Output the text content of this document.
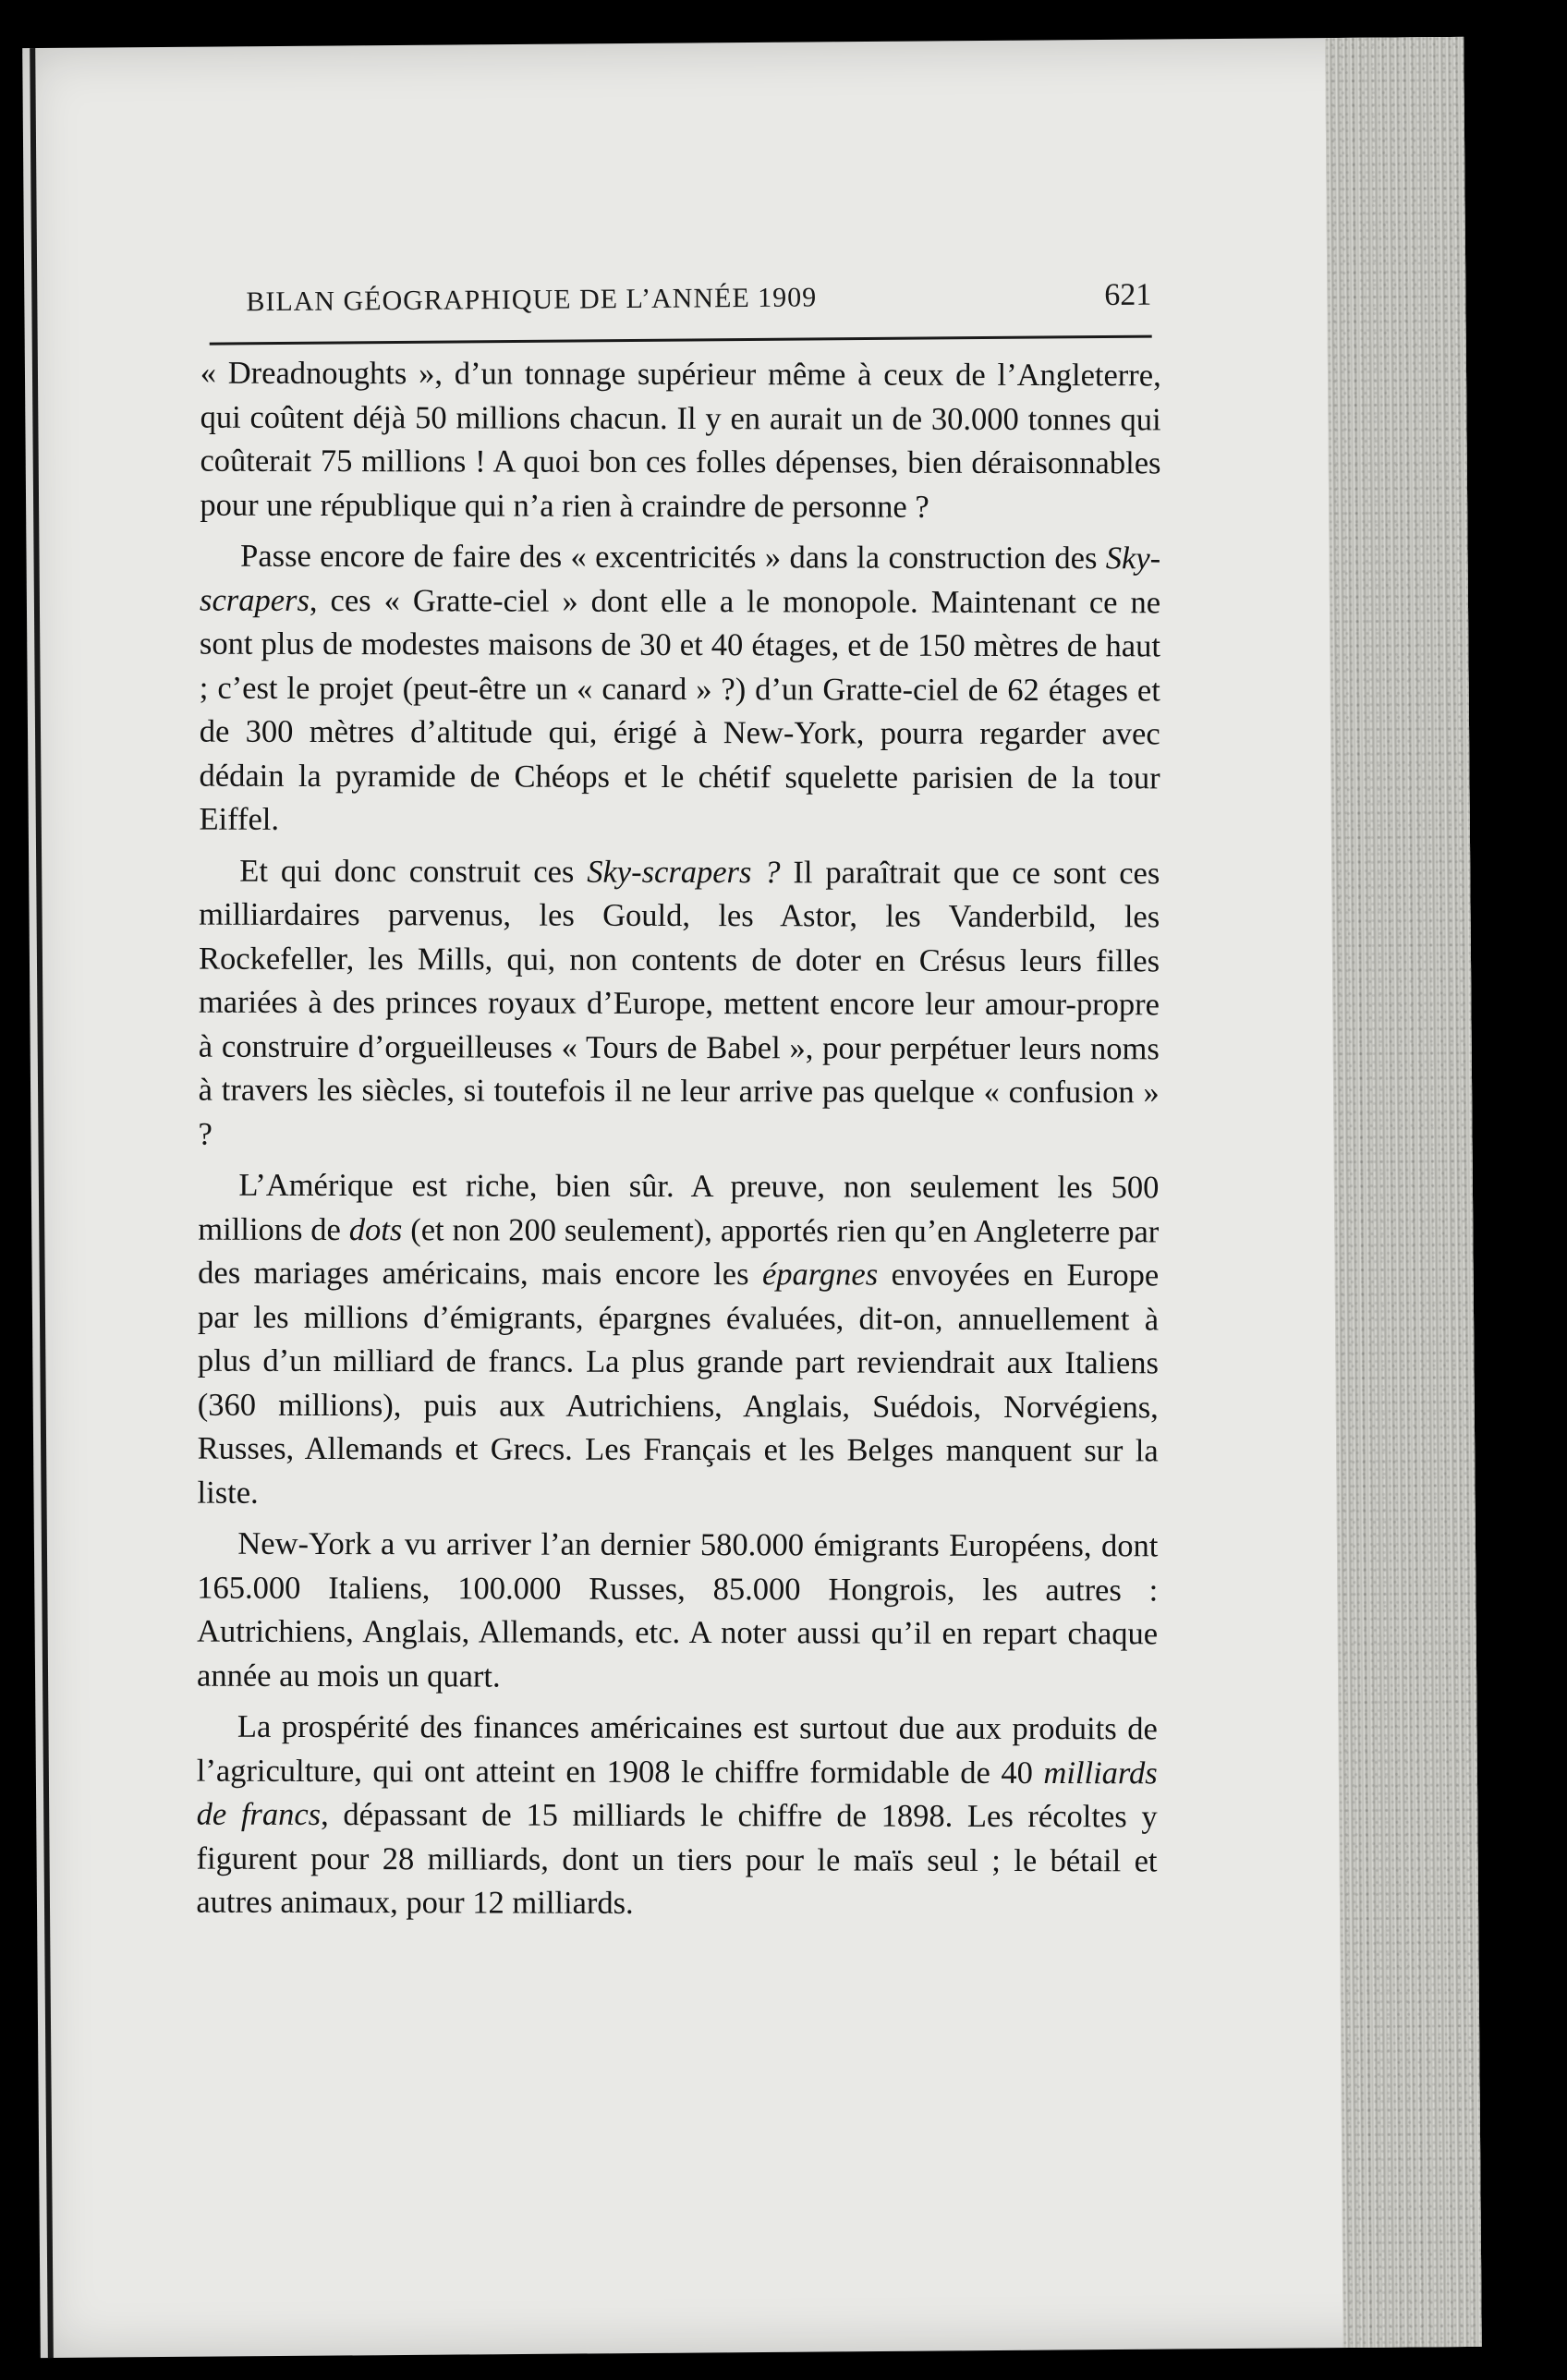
BILAN GÉOGRAPHIQUE DE L’ANNÉE 1909	621

« Dreadnoughts », d’un tonnage supérieur même à ceux de l’Angleterre, qui coûtent déjà 50 millions chacun. Il y en aurait un de 30.000 tonnes qui coûterait 75 millions ! A quoi bon ces folles dépenses, bien déraisonnables pour une république qui n’a rien à craindre de personne ?

Passe encore de faire des « excentricités » dans la construction des Sky-scrapers, ces « Gratte-ciel » dont elle a le monopole. Maintenant ce ne sont plus de modestes maisons de 30 et 40 étages, et de 150 mètres de haut ; c’est le projet (peut-être un « canard » ?) d’un Gratte-ciel de 62 étages et de 300 mètres d’altitude qui, érigé à New-York, pourra regarder avec dédain la pyramide de Chéops et le chétif squelette parisien de la tour Eiffel.

Et qui donc construit ces Sky-scrapers ? Il paraîtrait que ce sont ces milliardaires parvenus, les Gould, les Astor, les Vanderbild, les Rockefeller, les Mills, qui, non contents de doter en Crésus leurs filles mariées à des princes royaux d’Europe, mettent encore leur amour-propre à construire d’orgueilleuses « Tours de Babel », pour perpétuer leurs noms à travers les siècles, si toutefois il ne leur arrive pas quelque « confusion » ?

L’Amérique est riche, bien sûr. A preuve, non seulement les 500 millions de dots (et non 200 seulement), apportés rien qu’en Angleterre par des mariages américains, mais encore les épargnes envoyées en Europe par les millions d’émigrants, épargnes évaluées, dit-on, annuellement à plus d’un milliard de francs. La plus grande part reviendrait aux Italiens (360 millions), puis aux Autrichiens, Anglais, Suédois, Norvégiens, Russes, Allemands et Grecs. Les Français et les Belges manquent sur la liste.

New-York a vu arriver l’an dernier 580.000 émigrants Européens, dont 165.000 Italiens, 100.000 Russes, 85.000 Hongrois, les autres : Autrichiens, Anglais, Allemands, etc. A noter aussi qu’il en repart chaque année au mois un quart.

La prospérité des finances américaines est surtout due aux produits de l’agriculture, qui ont atteint en 1908 le chiffre formidable de 40 milliards de francs, dépassant de 15 milliards le chiffre de 1898. Les récoltes y figurent pour 28 milliards, dont un tiers pour le maïs seul ; le bétail et autres animaux, pour 12 milliards.
